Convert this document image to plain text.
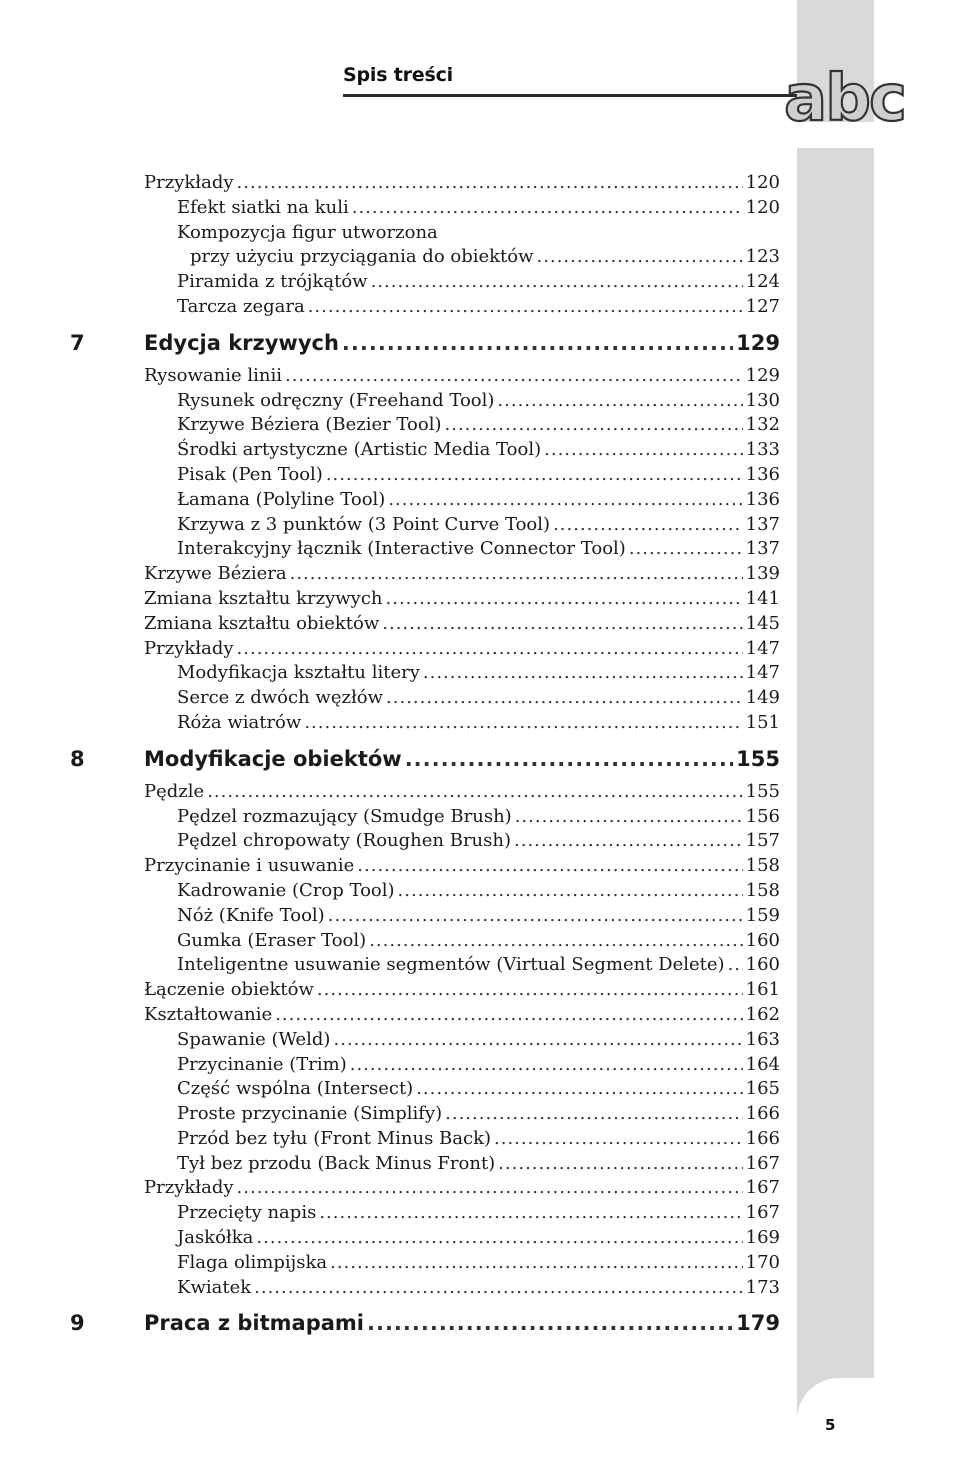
Spis treści	abc
Przykłady .....	120
Efekt siatki na kuli .....	120
Kompozycja figur utworzona
przy użyciu przyciągania do obiektów .....	123
Piramida z trójkątów .....	124
Tarcza zegara .....	127
7	Edycja krzywych .....	129
Rysowanie linii .....	129
Rysunek odręczny (Freehand Tool) .....	130
Krzywe Béziera (Bezier Tool) .....	132
Środki artystyczne (Artistic Media Tool) .....	133
Pisak (Pen Tool) .....	136
Łamana (Polyline Tool) .....	136
Krzywa z 3 punktów (3 Point Curve Tool) .....	137
Interakcyjny łącznik (Interactive Connector Tool) .....	137
Krzywe Béziera .....	139
Zmiana kształtu krzywych .....	141
Zmiana kształtu obiektów .....	145
Przykłady .....	147
Modyfikacja kształtu litery .....	147
Serce z dwóch węzłów .....	149
Róża wiatrów .....	151
8	Modyfikacje obiektów .....	155
Pędzle .....	155
Pędzel rozmazujący (Smudge Brush) .....	156
Pędzel chropowaty (Roughen Brush) .....	157
Przycinanie i usuwanie .....	158
Kadrowanie (Crop Tool) .....	158
Nóż (Knife Tool) .....	159
Gumka (Eraser Tool) .....	160
Inteligentne usuwanie segmentów (Virtual Segment Delete) ..... 160
Łączenie obiektów .....	161
Kształtowanie .....	162
Spawanie (Weld) .....	163
Przycinanie (Trim) .....	164
Część wspólna (Intersect) .....	165
Proste przycinanie (Simplify) .....	166
Przód bez tyłu (Front Minus Back) .....	166
Tył bez przodu (Back Minus Front) .....	167
Przykłady .....	167
Przecięty napis .....	167
Jaskółka .....	169
Flaga olimpijska .....	170
Kwiatek .....	173
9	Praca z bitmapami .....	179
5
